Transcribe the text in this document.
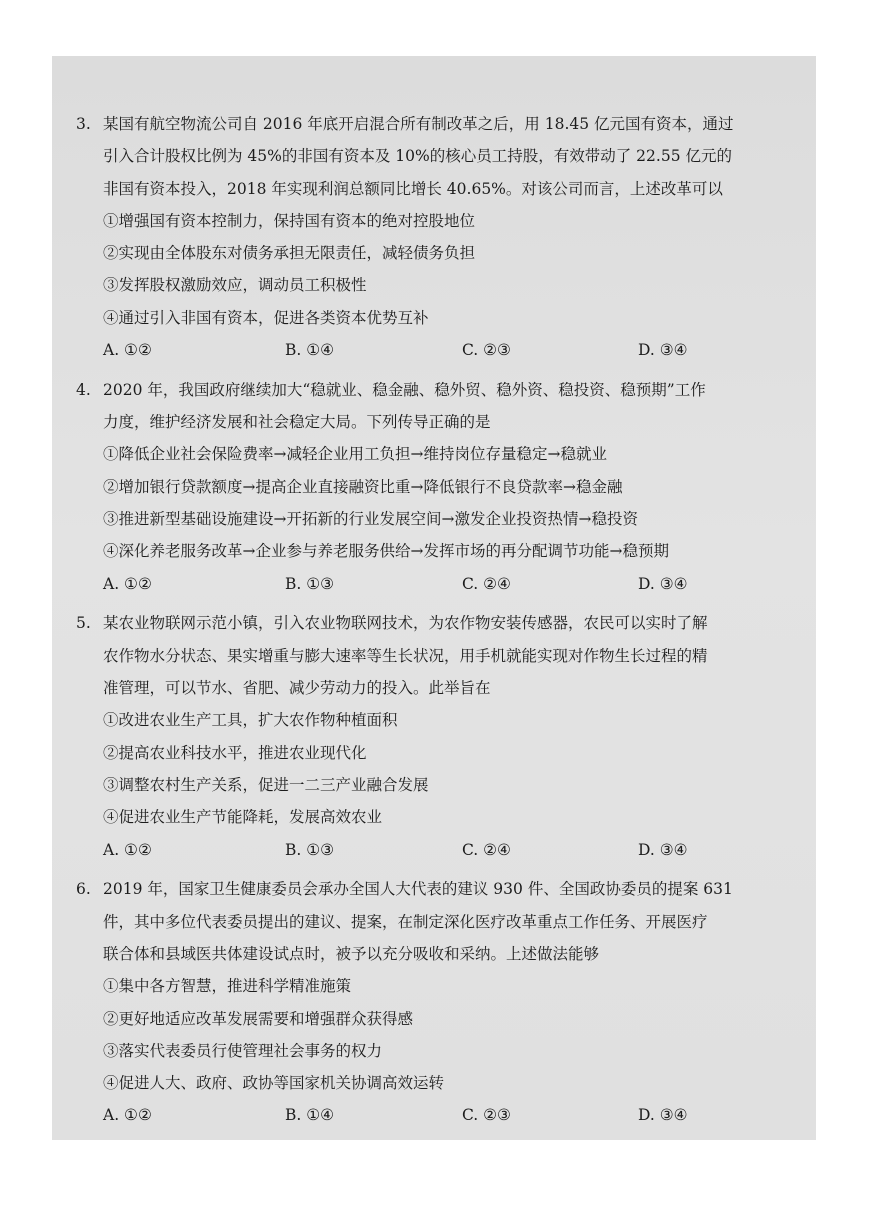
3. 某国有航空物流公司自 2016 年底开启混合所有制改革之后，用 18.45 亿元国有资本，通过
引入合计股权比例为 45%的非国有资本及 10%的核心员工持股，有效带动了 22.55 亿元的
非国有资本投入，2018 年实现利润总额同比增长 40.65%。对该公司而言，上述改革可以
①增强国有资本控制力，保持国有资本的绝对控股地位
②实现由全体股东对债务承担无限责任，减轻债务负担
③发挥股权激励效应，调动员工积极性
④通过引入非国有资本，促进各类资本优势互补
A. ①②	B. ①④	C. ②③	D. ③④
4. 2020 年，我国政府继续加大“稳就业、稳金融、稳外贸、稳外资、稳投资、稳预期”工作
力度，维护经济发展和社会稳定大局。下列传导正确的是
①降低企业社会保险费率→减轻企业用工负担→维持岗位存量稳定→稳就业
②增加银行贷款额度→提高企业直接融资比重→降低银行不良贷款率→稳金融
③推进新型基础设施建设→开拓新的行业发展空间→激发企业投资热情→稳投资
④深化养老服务改革→企业参与养老服务供给→发挥市场的再分配调节功能→稳预期
A. ①②	B. ①③	C. ②④	D. ③④
5. 某农业物联网示范小镇，引入农业物联网技术，为农作物安装传感器，农民可以实时了解
农作物水分状态、果实增重与膨大速率等生长状况，用手机就能实现对作物生长过程的精
准管理，可以节水、省肥、减少劳动力的投入。此举旨在
①改进农业生产工具，扩大农作物种植面积
②提高农业科技水平，推进农业现代化
③调整农村生产关系，促进一二三产业融合发展
④促进农业生产节能降耗，发展高效农业
A. ①②	B. ①③	C. ②④	D. ③④
6. 2019 年，国家卫生健康委员会承办全国人大代表的建议 930 件、全国政协委员的提案 631
件，其中多位代表委员提出的建议、提案，在制定深化医疗改革重点工作任务、开展医疗
联合体和县域医共体建设试点时，被予以充分吸收和采纳。上述做法能够
①集中各方智慧，推进科学精准施策
②更好地适应改革发展需要和增强群众获得感
③落实代表委员行使管理社会事务的权力
④促进人大、政府、政协等国家机关协调高效运转
A. ①②	B. ①④	C. ②③	D. ③④
